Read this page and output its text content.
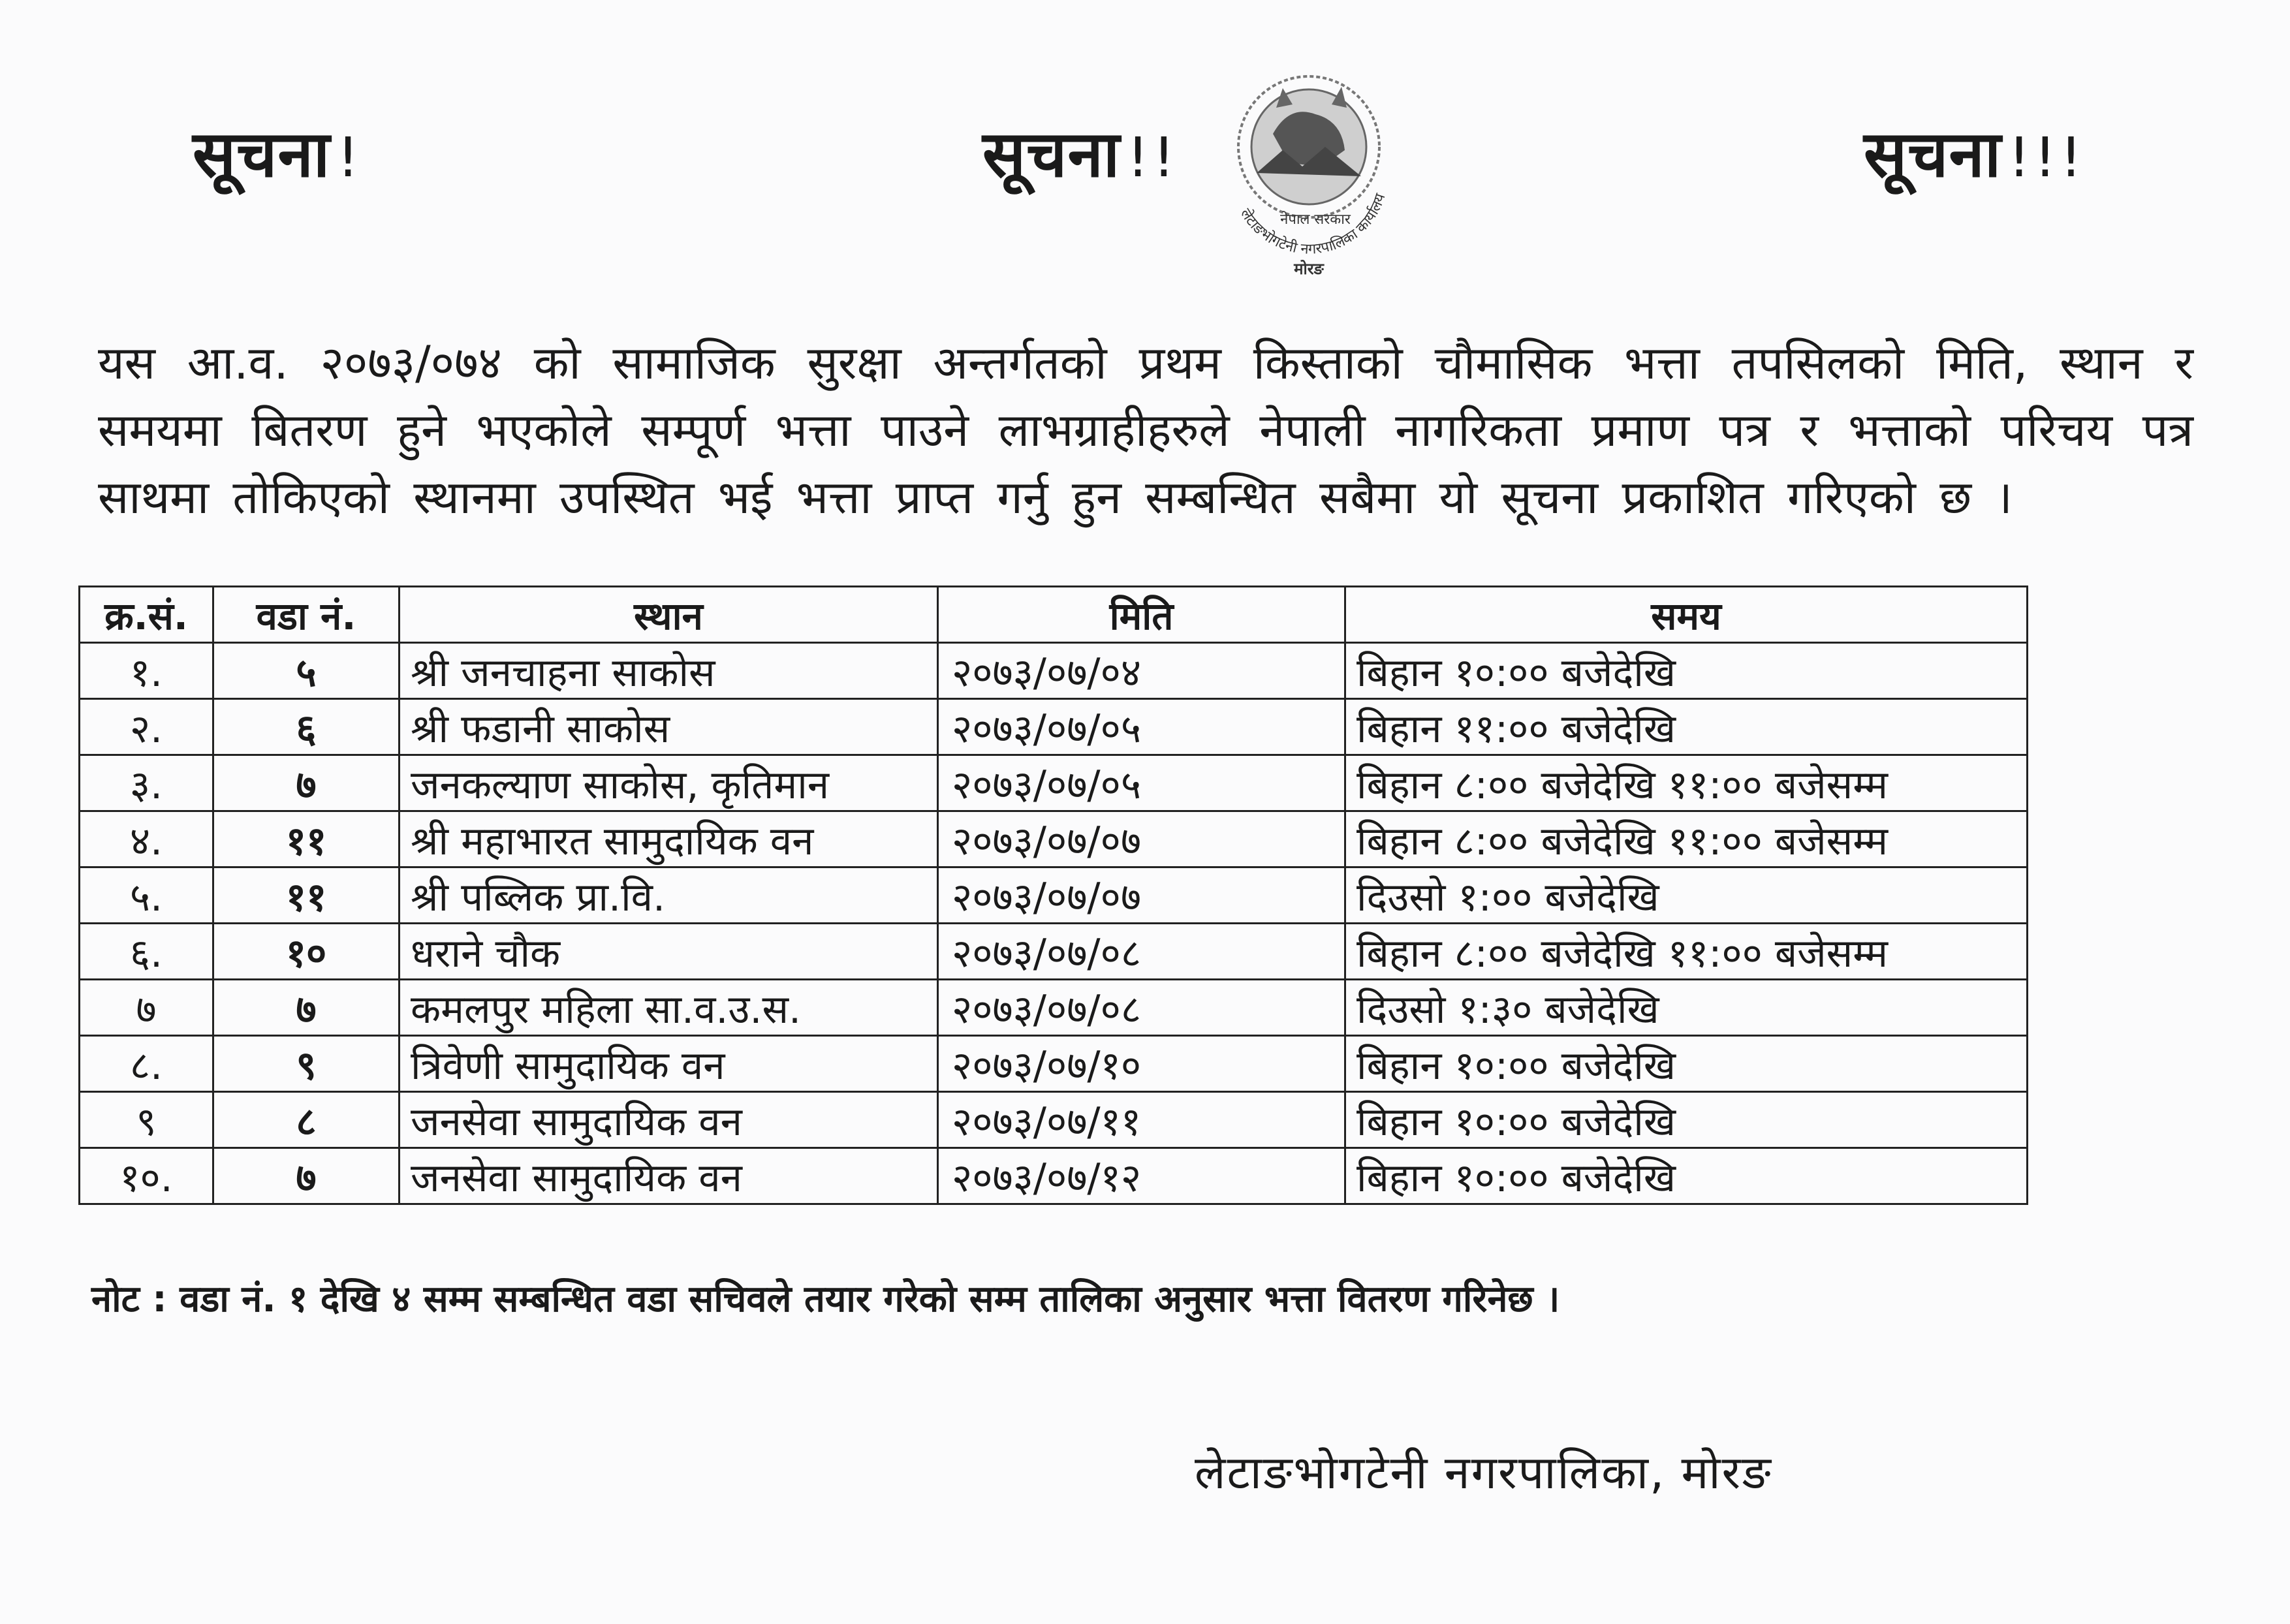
सूचना !	सूचना !!	सूचना !!!
लेटाङभोगटेनी नगरपालिका कार्यालय
नेपाल सरकार
मोरङ

यस आ.व. २०७३/०७४ को सामाजिक सुरक्षा अन्तर्गतको प्रथम किस्ताको चौमासिक भत्ता तपसिलको मिति, स्थान र समयमा बितरण हुने भएकोले सम्पूर्ण भत्ता पाउने लाभग्राहीहरुले नेपाली नागरिकता प्रमाण पत्र र भत्ताको परिचय पत्र साथमा तोकिएको स्थानमा उपस्थित भई भत्ता प्राप्त गर्नु हुन सम्बन्धित सबैमा यो सूचना प्रकाशित गरिएको छ ।

क्र.सं.	वडा नं.	स्थान	मिति	समय
१.	५	श्री जनचाहना साकोस	२०७३/०७/०४	बिहान १०:०० बजेदेखि
२.	६	श्री फडानी साकोस	२०७३/०७/०५	बिहान ११:०० बजेदेखि
३.	७	जनकल्याण साकोस, कृतिमान	२०७३/०७/०५	बिहान ८:०० बजेदेखि ११:०० बजेसम्म
४.	११	श्री महाभारत सामुदायिक वन	२०७३/०७/०७	बिहान ८:०० बजेदेखि ११:०० बजेसम्म
५.	११	श्री पब्लिक प्रा.वि.	२०७३/०७/०७	दिउसो १:०० बजेदेखि
६.	१०	धराने चौक	२०७३/०७/०८	बिहान ८:०० बजेदेखि ११:०० बजेसम्म
७	७	कमलपुर महिला सा.व.उ.स.	२०७३/०७/०८	दिउसो १:३० बजेदेखि
८.	९	त्रिवेणी सामुदायिक वन	२०७३/०७/१०	बिहान १०:०० बजेदेखि
९	८	जनसेवा सामुदायिक वन	२०७३/०७/११	बिहान १०:०० बजेदेखि
१०.	७	जनसेवा सामुदायिक वन	२०७३/०७/१२	बिहान १०:०० बजेदेखि
नोट : वडा नं. १ देखि ४ सम्म सम्बन्धित वडा सचिवले तयार गरेको सम्म तालिका अनुसार भत्ता वितरण गरिनेछ ।
लेटाङभोगटेनी नगरपालिका, मोरङ
